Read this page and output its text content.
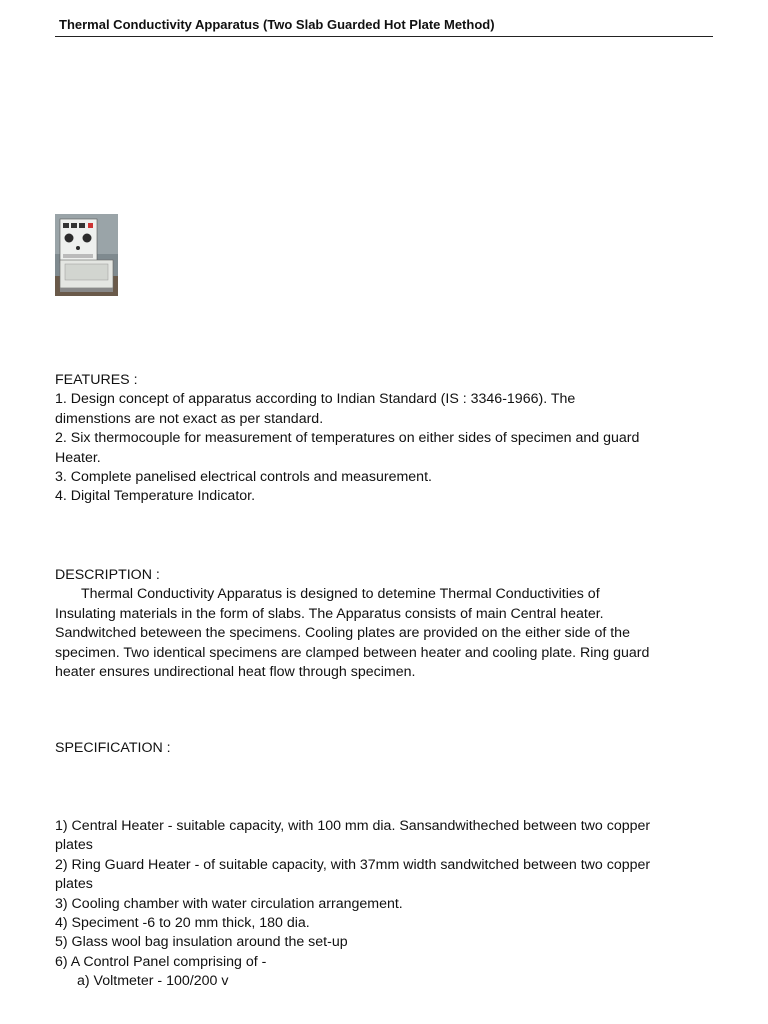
Thermal Conductivity Apparatus (Two Slab Guarded Hot Plate Method)
FEATURES :
1. Design concept of apparatus according to Indian Standard (IS : 3346-1966). The
dimenstions are not exact as per standard.
2. Six thermocouple for measurement of temperatures on either sides of specimen and guard
Heater.
3. Complete panelised electrical controls and measurement.
4. Digital Temperature Indicator.
DESCRIPTION :
Thermal Conductivity Apparatus is designed to detemine Thermal Conductivities of
Insulating materials in the form of slabs. The Apparatus consists of main Central heater.
Sandwitched beteween the specimens. Cooling plates are provided on the either side of the
specimen. Two identical specimens are clamped between heater and cooling plate. Ring guard
heater ensures undirectional heat flow through specimen.
SPECIFICATION :
1) Central Heater - suitable capacity, with 100 mm dia. Sansandwitheched between two copper
plates
2) Ring Guard Heater - of suitable capacity, with 37mm width sandwitched between two copper
plates
3) Cooling chamber with water circulation arrangement.
4) Speciment -6 to 20 mm thick, 180 dia.
5) Glass wool bag insulation around the set-up
6) A Control Panel comprising of -
a) Voltmeter - 100/200 v
